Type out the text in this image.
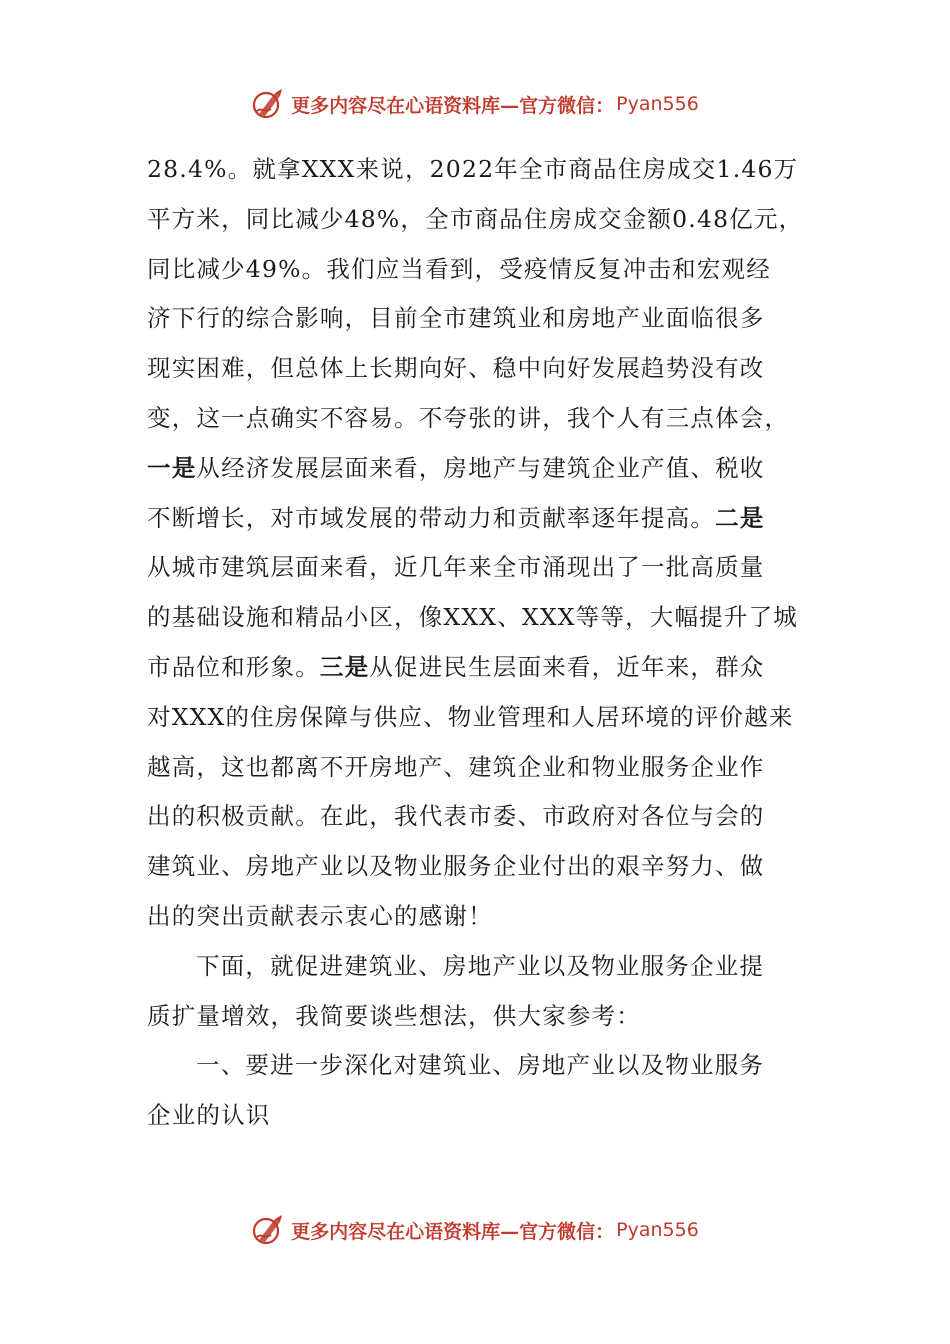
更多内容尽在心语资料库—官方微信： Pyan556
28.4%。就拿XXX来说，2022年全市商品住房成交1.46万
平方米，同比减少48%，全市商品住房成交金额0.48亿元，
同比减少49%。我们应当看到，受疫情反复冲击和宏观经
济下行的综合影响，目前全市建筑业和房地产业面临很多
现实困难，但总体上长期向好、稳中向好发展趋势没有改
变，这一点确实不容易。不夸张的讲，我个人有三点体会，
一是从经济发展层面来看，房地产与建筑企业产值、税收
不断增长，对市域发展的带动力和贡献率逐年提高。二是
从城市建筑层面来看，近几年来全市涌现出了一批高质量
的基础设施和精品小区，像XXX、XXX等等，大幅提升了城
市品位和形象。三是从促进民生层面来看，近年来，群众
对XXX的住房保障与供应、物业管理和人居环境的评价越来
越高，这也都离不开房地产、建筑企业和物业服务企业作
出的积极贡献。在此，我代表市委、市政府对各位与会的
建筑业、房地产业以及物业服务企业付出的艰辛努力、做
出的突出贡献表示衷心的感谢！
下面，就促进建筑业、房地产业以及物业服务企业提
质扩量增效，我简要谈些想法，供大家参考：
一、要进一步深化对建筑业、房地产业以及物业服务
企业的认识
更多内容尽在心语资料库—官方微信： Pyan556
